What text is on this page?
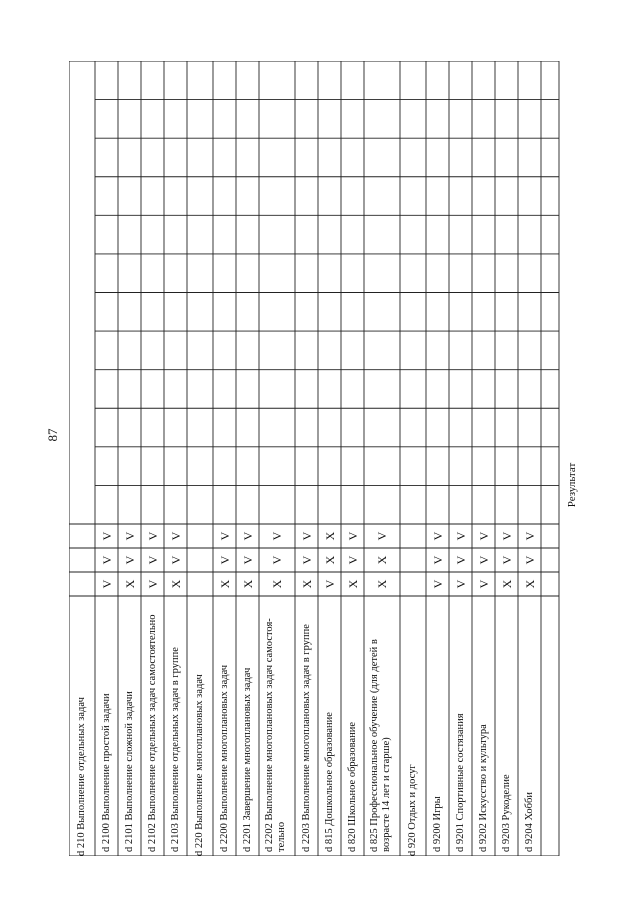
87
d 210 Выполнение отдельных задач d 2100 Выполнение простой задачи
V
V
V
d 2101 Выполнение сложной задачи
X
V
V
d 2102 Выполнение отдельных задач самостоятельно
V
V
V
d 2103 Выполнение отдельных задач в группе
X
V
V
d 220 Выполнение многоплановых задач d 2200 Выполнение многоплановых задач
X
V
V
d 2201 Завершение многоплановых задач
X
V
V
d 2202 Выполнение многоплановых задач самостоя-тельно
X
V
V
d 2203 Выполнение многоплановых задач в группе
X
V
V
d 815 Дошкольное образование
V
X
X
d 820 Школьное образование
X
V
V
d 825 Профессиональное обучение (для детей в возрасте 14 лет и старше)
X
X
V
d 920 Отдых и досуг d 9200 Игры
V
V
V
d 9201 Спортивные состязания
V
V
V
d 9202 Искусство и культура
V
V
V
d 9203 Рукоделие
X
V
V
d 9204 Хобби
X
V
V
Результат
